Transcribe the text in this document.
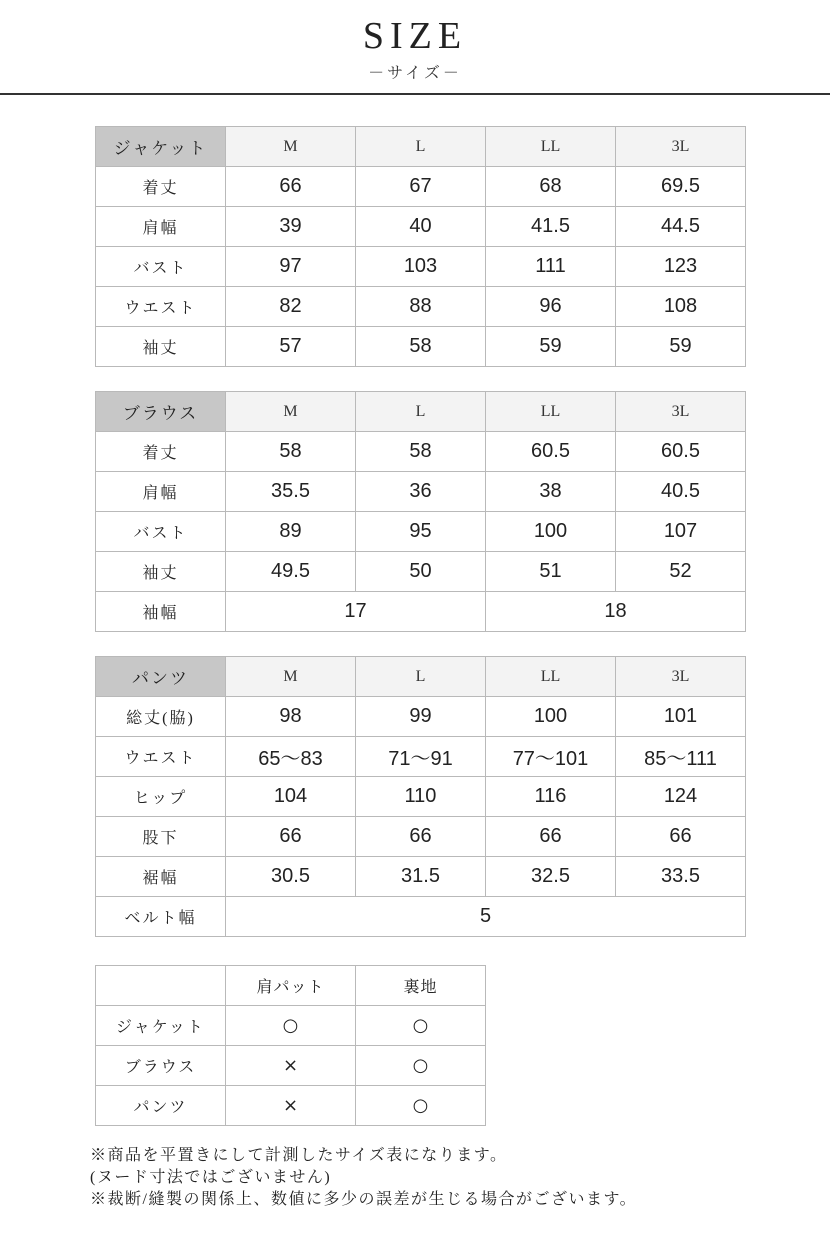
SIZE
－サイズ－
ジャケット	M	L	LL	3L
着丈	66	67	68	69.5
肩幅	39	40	41.5	44.5
バスト	97	103	111	123
ウエスト	82	88	96	108
袖丈	57	58	59	59
ブラウス	M	L	LL	3L
着丈	58	58	60.5	60.5
肩幅	35.5	36	38	40.5
バスト	89	95	100	107
袖丈	49.5	50	51	52
袖幅	17		18	
パンツ	M	L	LL	3L
総丈(脇)	98	99	100	101
ウエスト	65〜83	71〜91	77〜101	85〜111
ヒップ	104	110	116	124
股下	66	66	66	66
裾幅	30.5	31.5	32.5	33.5
ベルト幅	5			
	肩パット	裏地
ジャケット	○	○
ブラウス	×	○
パンツ	×	○
※商品を平置きにして計測したサイズ表になります。
(ヌード寸法ではございません)
※裁断/縫製の関係上、数値に多少の誤差が生じる場合がございます。
